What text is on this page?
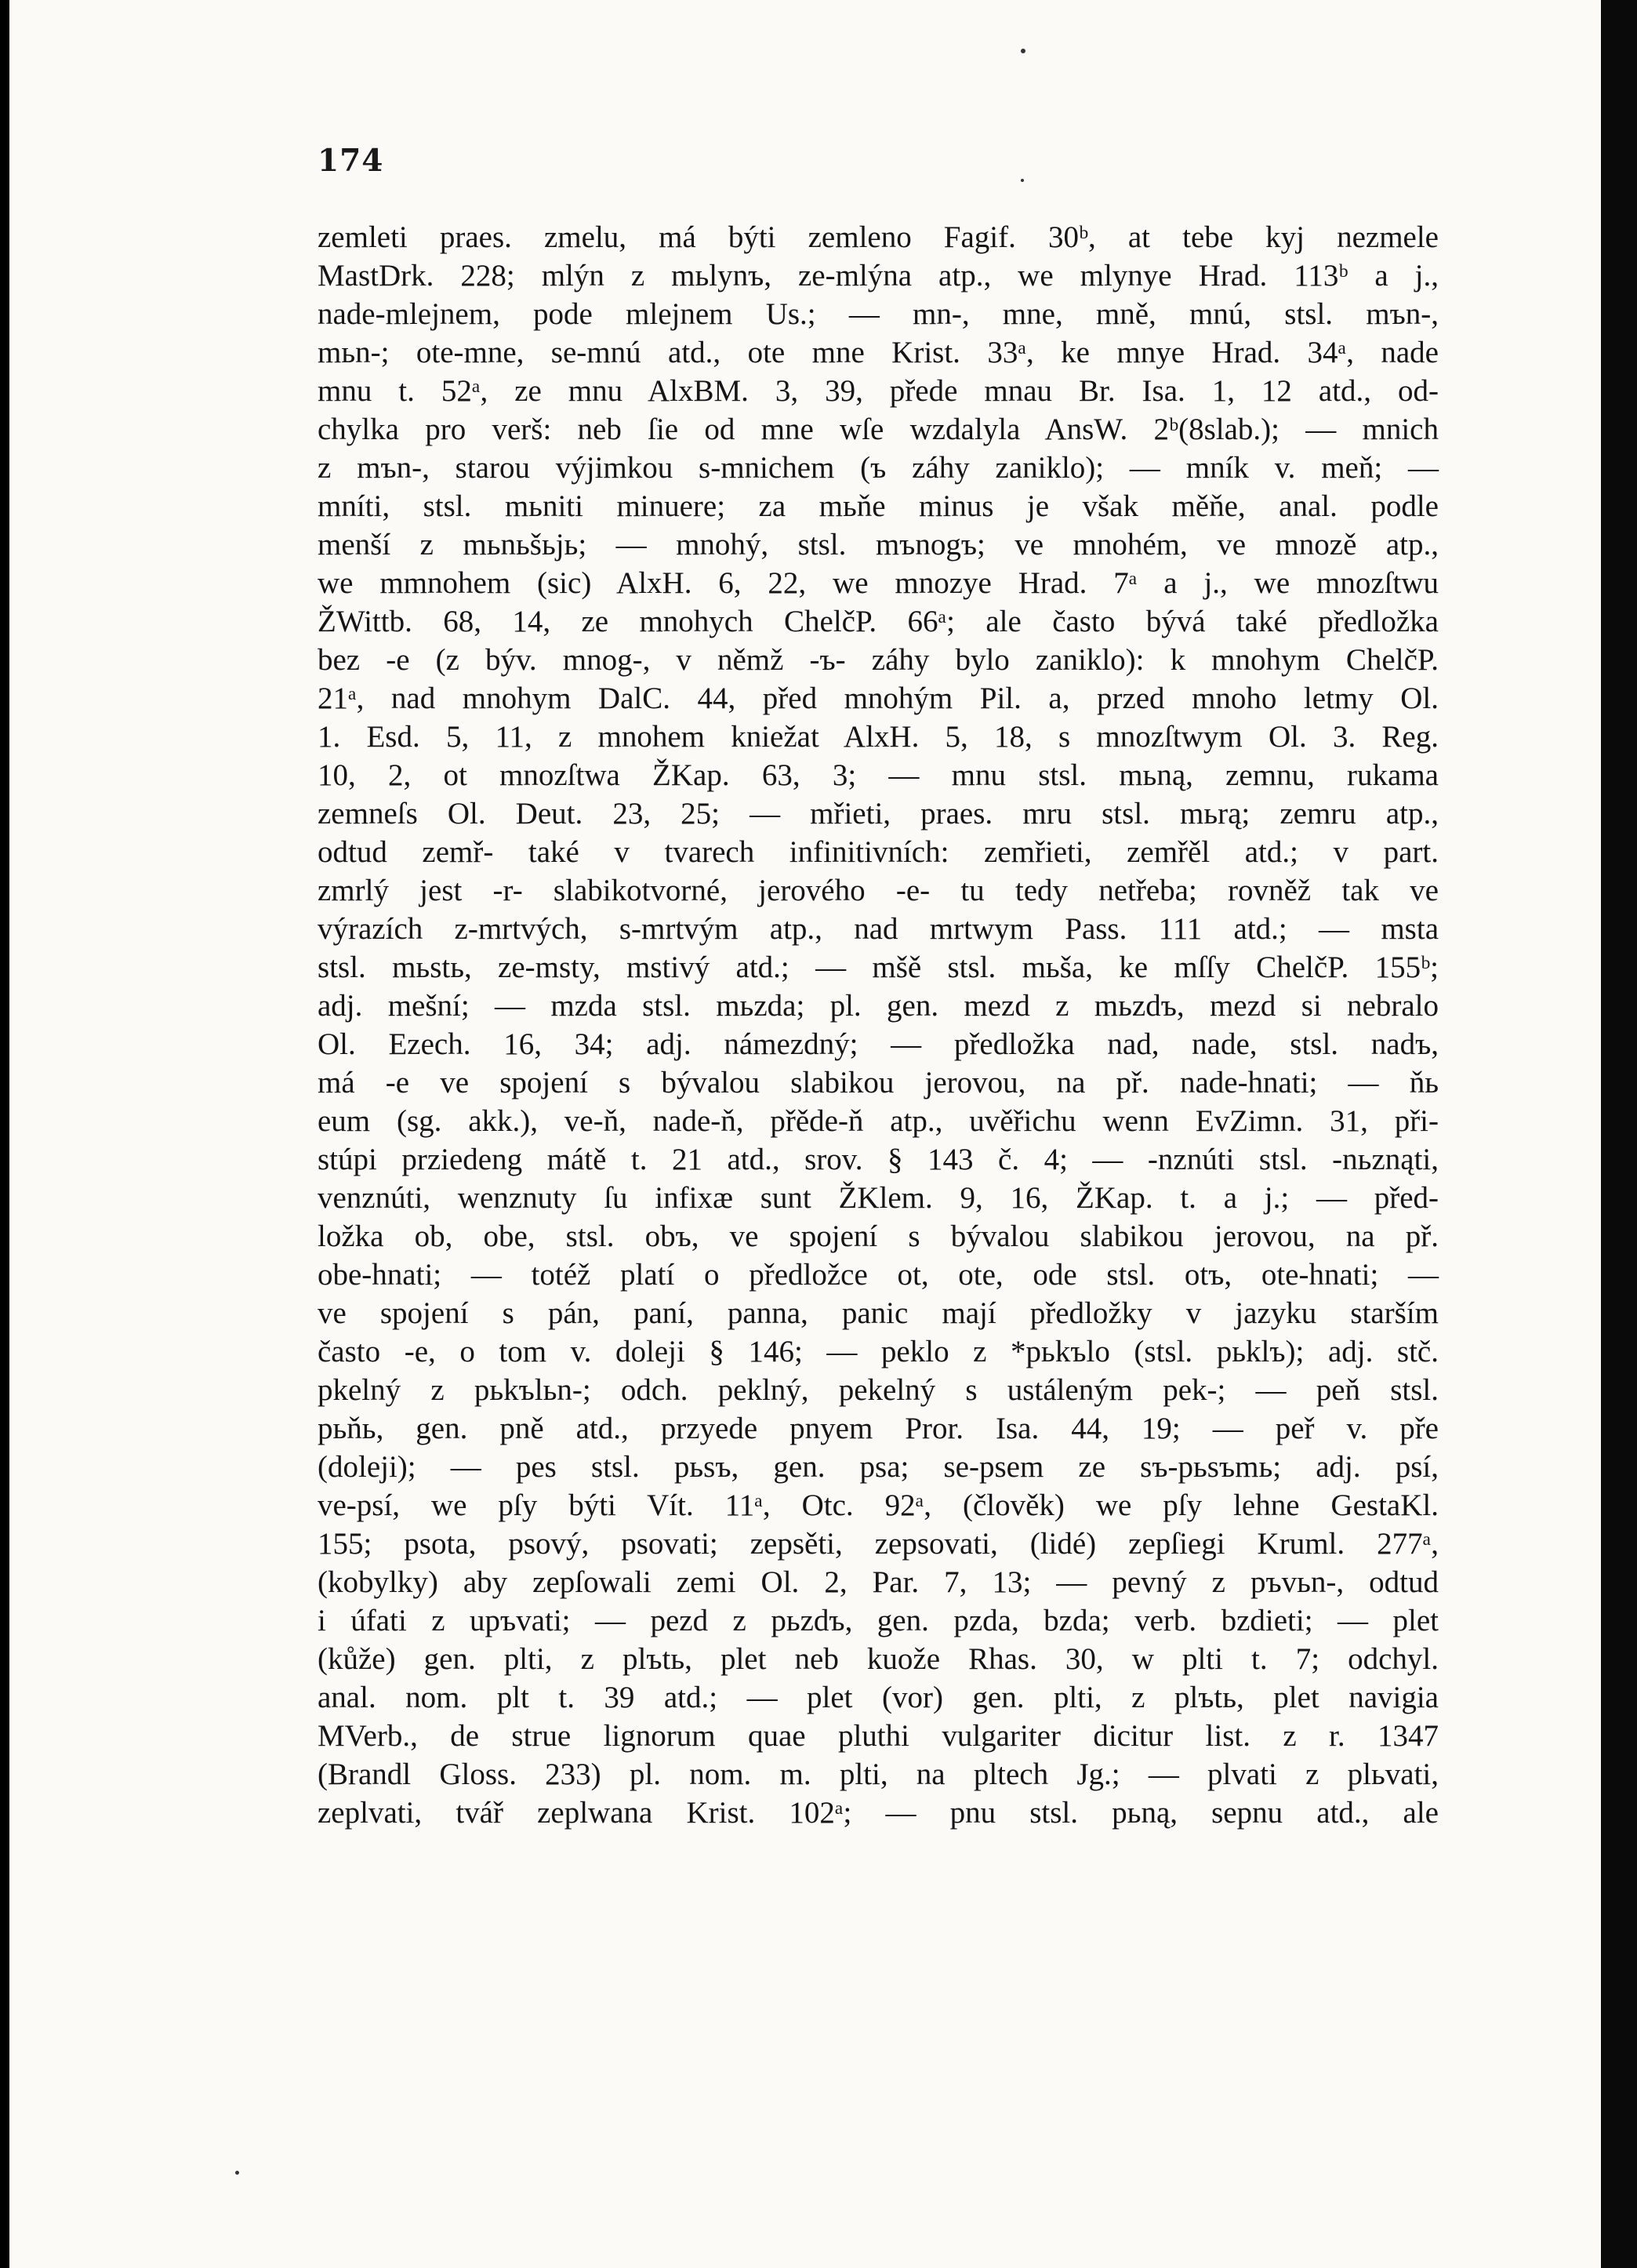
174
zemleti praes. zmelu, má býti zemleno Fagif. 30ᵇ, at tebe kyj nezmele
MastDrk. 228; mlýn z mьlynъ, ze-mlýna atp., we mlynye Hrad. 113ᵇ a j.,
nade-mlejnem, pode mlejnem Us.; — mn-, mne, mně, mnú, stsl. mъn-,
mьn-; ote-mne, se-mnú atd., ote mne Krist. 33ᵃ, ke mnye Hrad. 34ᵃ, nade
mnu t. 52ᵃ, ze mnu AlxBM. 3, 39, přede mnau Br. Isa. 1, 12 atd., od-
chylka pro verš: neb ſie od mne wſe wzdalyla AnsW. 2ᵇ(8slab.); — mnich
z mъn-, starou výjimkou s-mnichem (ъ záhy zaniklo); — mník v. meň; —
mníti, stsl. mьniti minuere; za mьňe minus je však měňe, anal. podle
menší z mьnьšьjь; — mnohý, stsl. mъnogъ; ve mnohém, ve mnozě atp.,
we mmnohem (sic) AlxH. 6, 22, we mnozye Hrad. 7ᵃ a j., we mnozſtwu
ŽWittb. 68, 14, ze mnohych ChelčP. 66ᵃ; ale často bývá také předložka
bez -e (z býv. mnog-, v němž -ъ- záhy bylo zaniklo): k mnohym ChelčP.
21ᵃ, nad mnohym DalC. 44, před mnohým Pil. a, przed mnoho letmy Ol.
1. Esd. 5, 11, z mnohem kniežat AlxH. 5, 18, s mnozſtwym Ol. 3. Reg.
10, 2, ot mnozſtwa ŽKap. 63, 3; — mnu stsl. mьną, zemnu, rukama
zemneſs Ol. Deut. 23, 25; — mřieti, praes. mru stsl. mьrą; zemru atp.,
odtud zemř- také v tvarech infinitivních: zemřieti, zemřěl atd.; v part.
zmrlý jest -r- slabikotvorné, jerového -e- tu tedy netřeba; rovněž tak ve
výrazích z-mrtvých, s-mrtvým atp., nad mrtwym Pass. 111 atd.; — msta
stsl. mьstь, ze-msty, mstivý atd.; — mšě stsl. mьša, ke mſſy ChelčP. 155ᵇ;
adj. mešní; — mzda stsl. mьzda; pl. gen. mezd z mьzdъ, mezd si nebralo
Ol. Ezech. 16, 34; adj. námezdný; — předložka nad, nade, stsl. nadъ,
má -e ve spojení s bývalou slabikou jerovou, na př. nade-hnati; — ňь
eum (sg. akk.), ve-ň, nade-ň, přěde-ň atp., uvěřichu wenn EvZimn. 31, při-
stúpi prziedeng mátě t. 21 atd., srov. § 143 č. 4; — -nznúti stsl. -nьznąti,
venznúti, wenznuty ſu infixæ sunt ŽKlem. 9, 16, ŽKap. t. a j.; — před-
ložka ob, obe, stsl. obъ, ve spojení s bývalou slabikou jerovou, na př.
obe-hnati; — totéž platí o předložce ot, ote, ode stsl. otъ, ote-hnati; —
ve spojení s pán, paní, panna, panic mají předložky v jazyku starším
často -e, o tom v. doleji § 146; — peklo z *pьkъlo (stsl. pьklъ); adj. stč.
pkelný z pьkъlьn-; odch. peklný, pekelný s ustáleným pek-; — peň stsl.
pьňь, gen. pně atd., przyede pnyem Pror. Isa. 44, 19; — peř v. pře
(doleji); — pes stsl. pьsъ, gen. psa; se-psem ze sъ-pьsъmь; adj. psí,
ve-psí, we pſy býti Vít. 11ᵃ, Otc. 92ᵃ, (člověk) we pſy lehne GestaKl.
155; psota, psový, psovati; zepsěti, zepsovati, (lidé) zepſiegi Kruml. 277ᵃ,
(kobylky) aby zepſowali zemi Ol. 2, Par. 7, 13; — pevný z pъvьn-, odtud
i úfati z upъvati; — pezd z pьzdъ, gen. pzda, bzda; verb. bzdieti; — plet
(kůže) gen. plti, z plъtь, plet neb kuože Rhas. 30, w plti t. 7; odchyl.
anal. nom. plt t. 39 atd.; — plet (vor) gen. plti, z plъtь, plet navigia
MVerb., de strue lignorum quae pluthi vulgariter dicitur list. z r. 1347
(Brandl Gloss. 233) pl. nom. m. plti, na pltech Jg.; — plvati z plьvati,
zeplvati, tvář zeplwana Krist. 102ᵃ; — pnu stsl. pьną, sepnu atd., ale
